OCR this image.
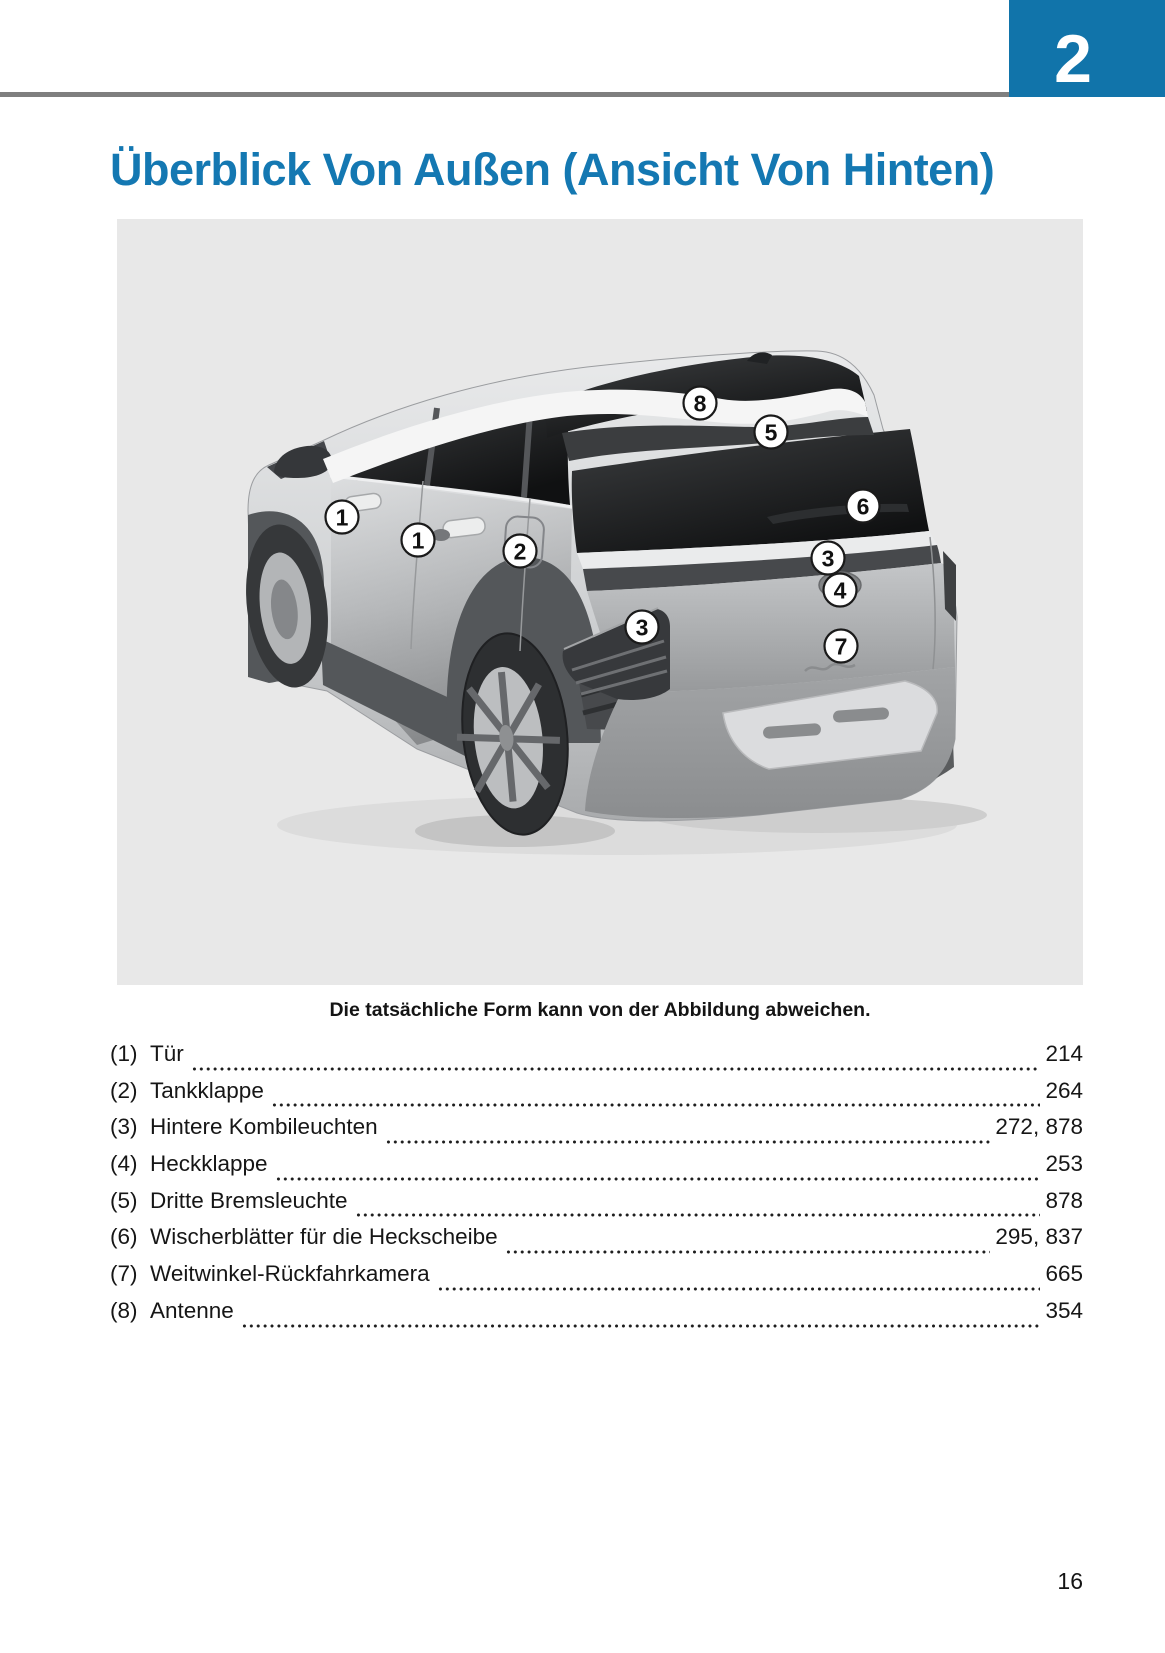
2
Überblick Von Außen (Ansicht Von Hinten)
8
5
6
1
1	2	3
4
3
7

Die tatsächliche Form kann von der Abbildung abweichen.

(1) Tür	214
(2) Tankklappe	264
(3) Hintere Kombileuchten	272, 878
(4) Heckklappe	253
(5) Dritte Bremsleuchte	878
(6) Wischerblätter für die Heckscheibe	295, 837
(7) Weitwinkel-Rückfahrkamera	665
(8) Antenne	354
16
